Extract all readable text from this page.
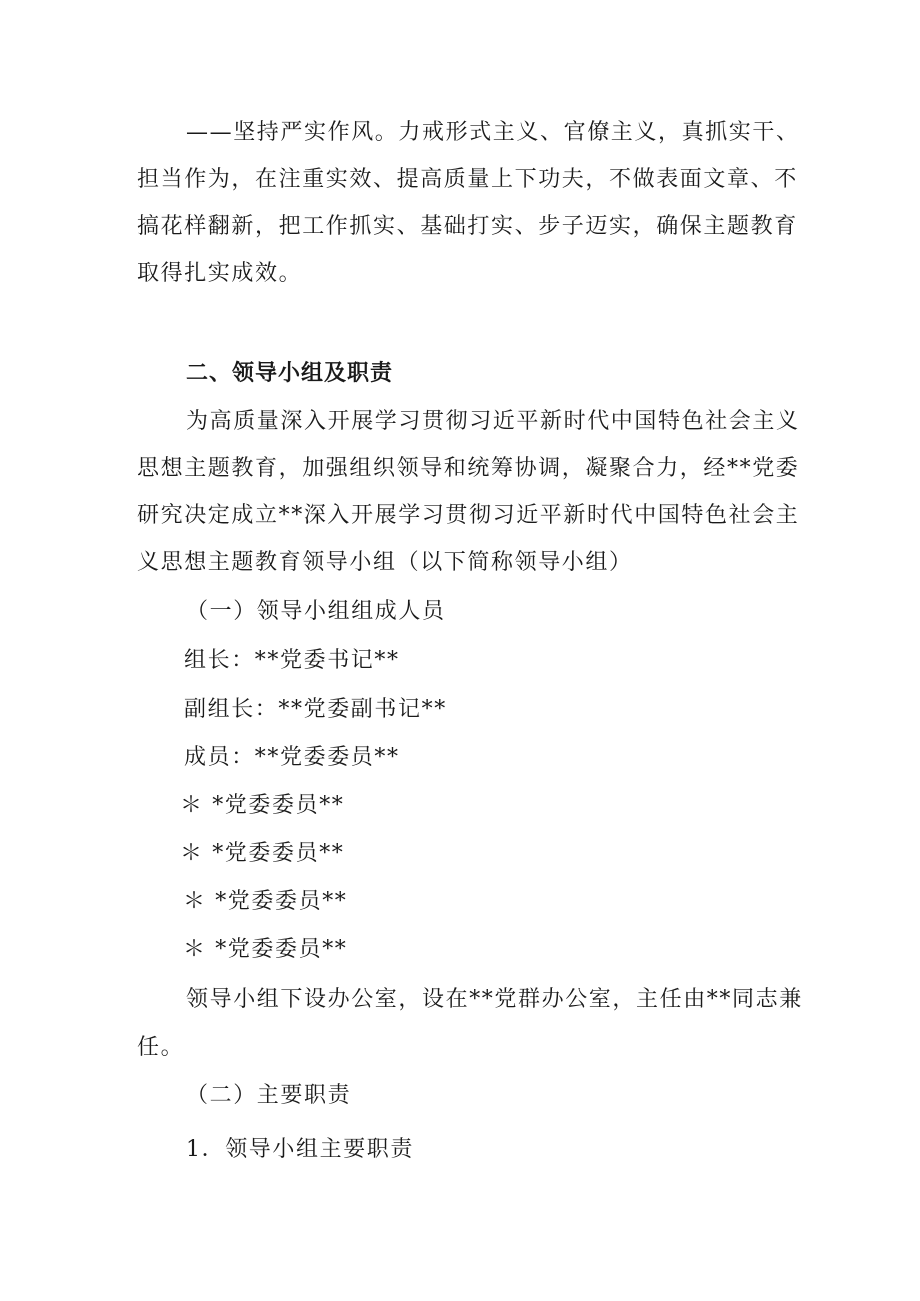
——坚持严实作风。力戒形式主义、官僚主义，真抓实干、
担当作为，在注重实效、提高质量上下功夫，不做表面文章、不
搞花样翻新，把工作抓实、基础打实、步子迈实，确保主题教育
取得扎实成效。
二、领导小组及职责
为高质量深入开展学习贯彻习近平新时代中国特色社会主义
思想主题教育，加强组织领导和统筹协调，凝聚合力，经**党委
研究决定成立**深入开展学习贯彻习近平新时代中国特色社会主
义思想主题教育领导小组（以下简称领导小组）
（一）领导小组组成人员
组长：**党委书记**
副组长：**党委副书记**
成员：**党委委员**
＊ *党委委员**
＊ *党委委员**
＊ *党委委员**
＊ *党委委员**
领导小组下设办公室，设在**党群办公室，主任由**同志兼
任。
（二）主要职责
1．领导小组主要职责
